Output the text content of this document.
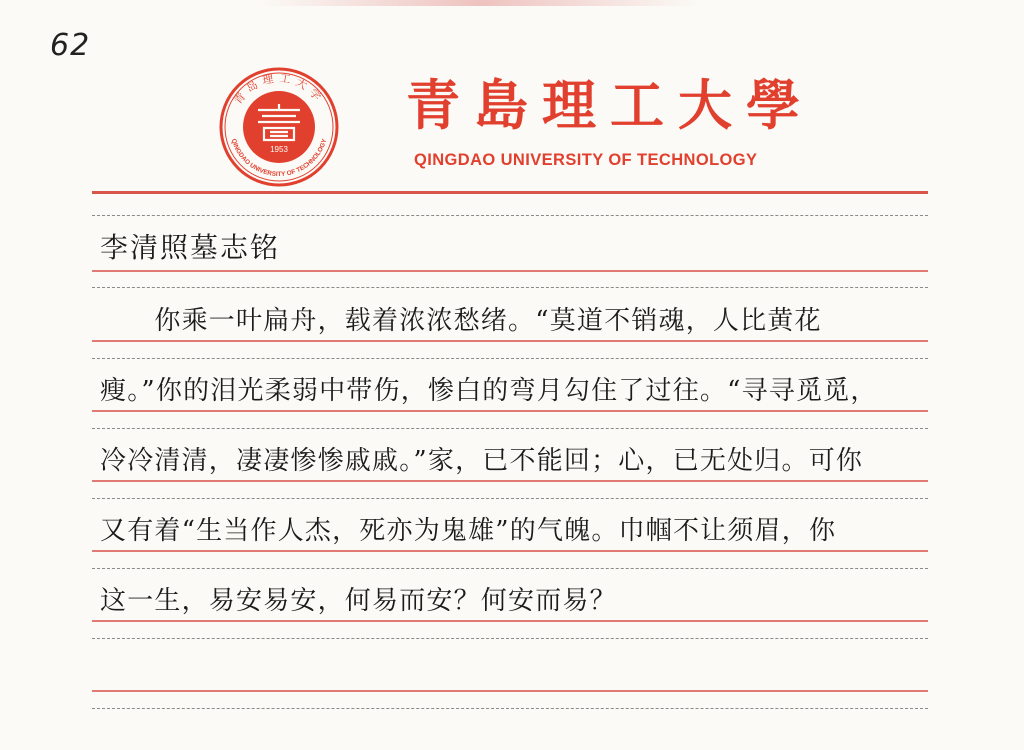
62
青岛理工大学
QINGDAO UNIVERSITY OF TECHNOLOGY
1953
青島理工大學
QINGDAO UNIVERSITY OF TECHNOLOGY
李清照墓志铭
　　你乘一叶扁舟，载着浓浓愁绪。“莫道不销魂，人比黄花
瘦。”你的泪光柔弱中带伤，惨白的弯月勾住了过往。“寻寻觅觅，
冷冷清清，凄凄惨惨戚戚。”家，已不能回；心，已无处归。可你
又有着“生当作人杰，死亦为鬼雄”的气魄。巾帼不让须眉，你
这一生，易安易安，何易而安？何安而易？
